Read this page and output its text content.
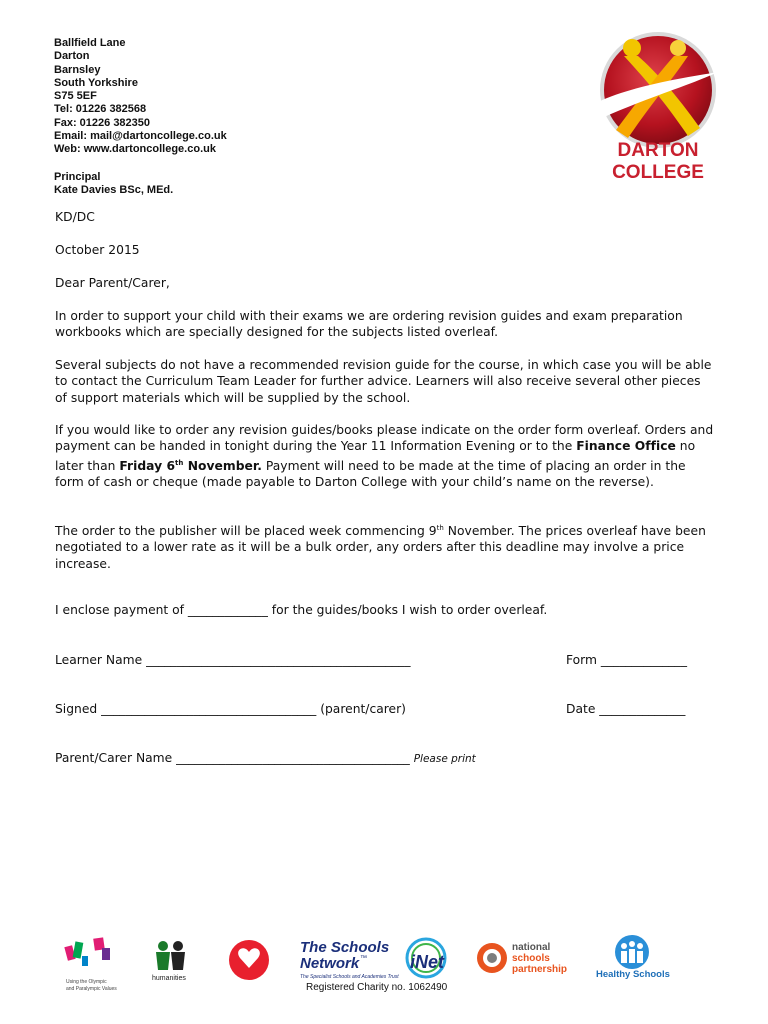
Ballfield Lane
Darton
Barnsley
South Yorkshire
S75 5EF
Tel: 01226 382568
Fax: 01226 382350
Email: mail@dartoncollege.co.uk
Web: www.dartoncollege.co.uk
Principal
Kate Davies BSc, MEd.
DARTON
COLLEGE
KD/DC
October 2015
Dear Parent/Carer,

In order to support your child with their exams we are ordering revision guides and exam preparation workbooks which are specially designed for the subjects listed overleaf.

Several subjects do not have a recommended revision guide for the course, in which case you will be able to contact the Curriculum Team Leader for further advice. Learners will also receive several other pieces of support materials which will be supplied by the school.

If you would like to order any revision guides/books please indicate on the order form overleaf. Orders and payment can be handed in tonight during the Year 11 Information Evening or to the Finance Office no later than Friday 6th November. Payment will need to be made at the time of placing an order in the form of cash or cheque (made payable to Darton College with your child’s name on the reverse).

The order to the publisher will be placed week commencing 9th November. The prices overleaf have been negotiated to a lower rate as it will be a bulk order, any orders after this deadline may involve a price increase.

I enclose payment of _____________ for the guides/books I wish to order overleaf.
Learner Name ___________________________________________	Form ______________
Signed ___________________________________ (parent/carer)	Date ______________
Parent/Carer Name ______________________________________ Please print
Using the Olympic
and Paralympic Values
humanities
The Schools
Network ™
The Specialist Schools and Academies Trust
iNet
national
schools
partnership	Healthy Schools
Registered Charity no. 1062490
